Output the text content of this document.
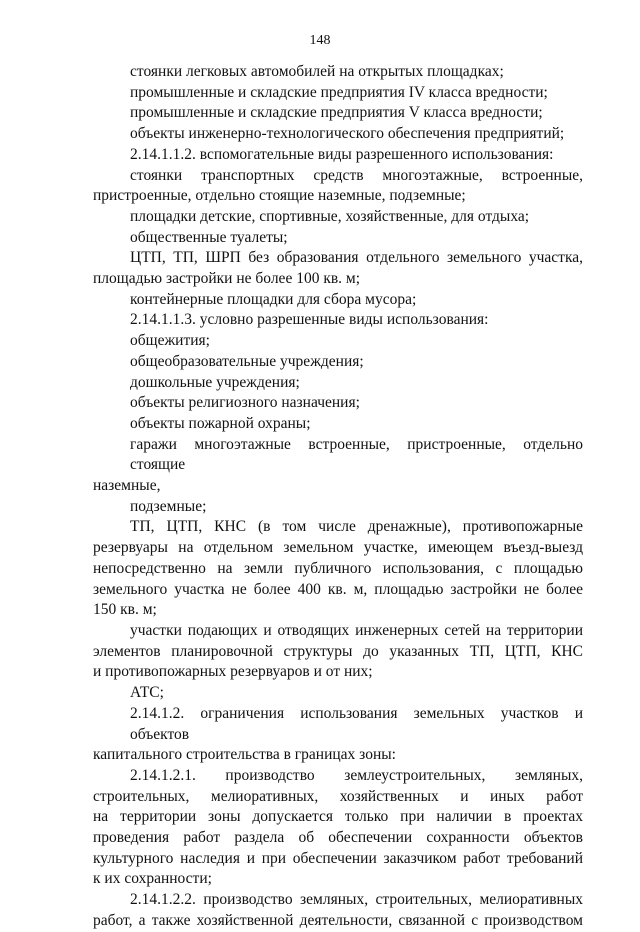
148
стоянки легковых автомобилей на открытых площадках;
промышленные и складские предприятия IV класса вредности;
промышленные и складские предприятия V класса вредности;
объекты инженерно-технологического обеспечения предприятий;
2.14.1.1.2. вспомогательные виды разрешенного использования:
стоянки транспортных средств многоэтажные, встроенные,
пристроенные, отдельно стоящие наземные, подземные;
площадки детские, спортивные, хозяйственные, для отдыха;
общественные туалеты;
ЦТП, ТП, ШРП без образования отдельного земельного участка,
площадью застройки не более 100 кв. м;
контейнерные площадки для сбора мусора;
2.14.1.1.3. условно разрешенные виды использования:
общежития;
общеобразовательные учреждения;
дошкольные учреждения;
объекты религиозного назначения;
объекты пожарной охраны;
гаражи многоэтажные встроенные, пристроенные, отдельно стоящие
наземные,
подземные;
ТП, ЦТП, КНС (в том числе дренажные), противопожарные
резервуары на отдельном земельном участке, имеющем въезд-выезд
непосредственно на земли публичного использования, с площадью
земельного участка не более 400 кв. м, площадью застройки не более
150 кв. м;
участки подающих и отводящих инженерных сетей на территории
элементов планировочной структуры до указанных ТП, ЦТП, КНС
и противопожарных резервуаров и от них;
АТС;
2.14.1.2. ограничения использования земельных участков и объектов
капитального строительства в границах зоны:
2.14.1.2.1. производство землеустроительных, земляных,
строительных, мелиоративных, хозяйственных и иных работ
на территории зоны допускается только при наличии в проектах
проведения работ раздела об обеспечении сохранности объектов
культурного наследия и при обеспечении заказчиком работ требований
к их сохранности;
2.14.1.2.2. производство земляных, строительных, мелиоративных
работ, а также хозяйственной деятельности, связанной с производством
